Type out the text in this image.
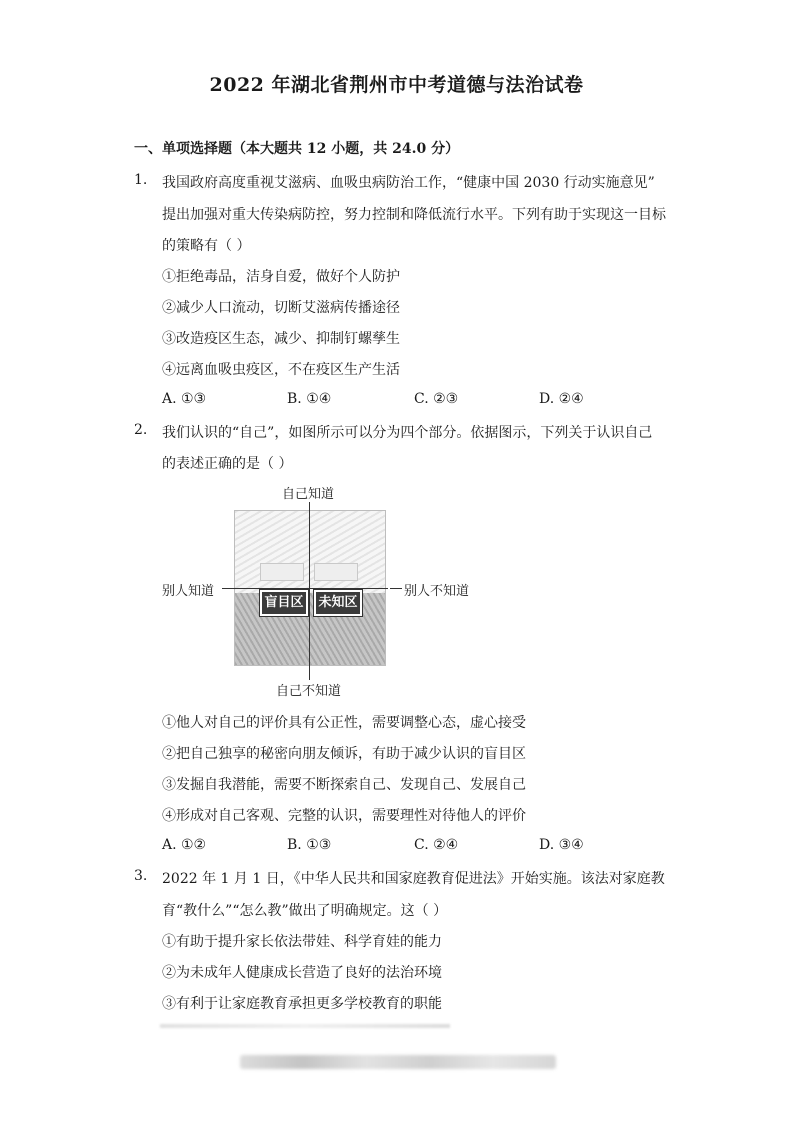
2022 年湖北省荆州市中考道德与法治试卷
一、单项选择题（本大题共 12 小题，共 24.0 分）
1. 我国政府高度重视艾滋病、血吸虫病防治工作，“健康中国 2030 行动实施意见”
提出加强对重大传染病防控，努力控制和降低流行水平。下列有助于实现这一目标
的策略有（ ）
①拒绝毒品，洁身自爱，做好个人防护
②减少人口流动，切断艾滋病传播途径
③改造疫区生态，减少、抑制钉螺孳生
④远离血吸虫疫区，不在疫区生产生活
A. ①③	B. ①④	C. ②③	D. ②④
2. 我们认识的“自己”，如图所示可以分为四个部分。依据图示，下列关于认识自己
的表述正确的是（ ）
盲目区	未知区
自己知道
自己不知道
别人知道	别人不知道
①他人对自己的评价具有公正性，需要调整心态，虚心接受
②把自己独享的秘密向朋友倾诉，有助于减少认识的盲目区
③发掘自我潜能，需要不断探索自己、发现自己、发展自己
④形成对自己客观、完整的认识，需要理性对待他人的评价
A. ①②	B. ①③	C. ②④	D. ③④
3. 2022 年 1 月 1 日，《中华人民共和国家庭教育促进法》开始实施。该法对家庭教
育“教什么”“怎么教”做出了明确规定。这（ ）
①有助于提升家长依法带娃、科学育娃的能力
②为未成年人健康成长营造了良好的法治环境
③有利于让家庭教育承担更多学校教育的职能
